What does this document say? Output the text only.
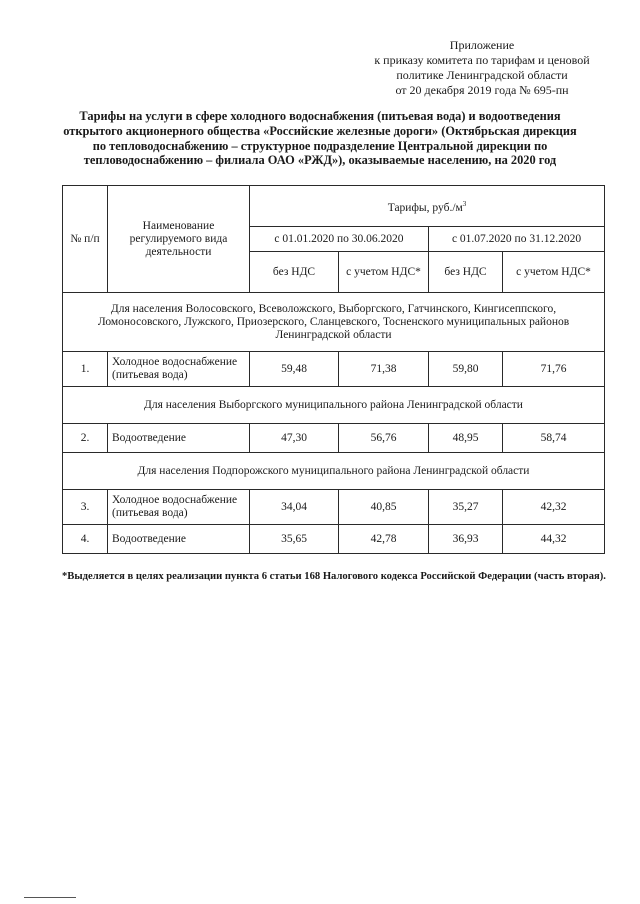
Приложение
к приказу комитета по тарифам и ценовой
политике Ленинградской области
от 20 декабря 2019 года № 695-пн
Тарифы на услуги в сфере холодного водоснабжения (питьевая вода) и водоотведения
открытого акционерного общества «Российские железные дороги» (Октябрьская дирекция
по тепловодоснабжению – структурное подразделение Центральной дирекции по
тепловодоснабжению – филиала ОАО «РЖД»), оказываемые населению, на 2020 год
№ п/п	Наименование регулируемого вида деятельности	Тарифы, $руб./м^3$
		с 01.01.2020 по 30.06.2020		с 01.07.2020 по 31.12.2020	
		без НДС	с учетом НДС*	без НДС	с учетом НДС*
Для населения Волосовского, Всеволожского, Выборгского, Гатчинского, Кингисеппского, Ломоносовского, Лужского, Приозерского, Сланцевского, Тосненского муниципальных районов Ленинградской области					
1.	Холодное водоснабжение (питьевая вода)	59,48	71,38	59,80	71,76
Для населения Выборгского муниципального района Ленинградской области					
2.	Водоотведение	47,30	56,76	48,95	58,74
Для населения Подпорожского муниципального района Ленинградской области					
3.	Холодное водоснабжение (питьевая вода)	34,04	40,85	35,27	42,32
4.	Водоотведение	35,65	42,78	36,93	44,32
*Выделяется в целях реализации пункта 6 статьи 168 Налогового кодекса Российской Федерации (часть вторая).
